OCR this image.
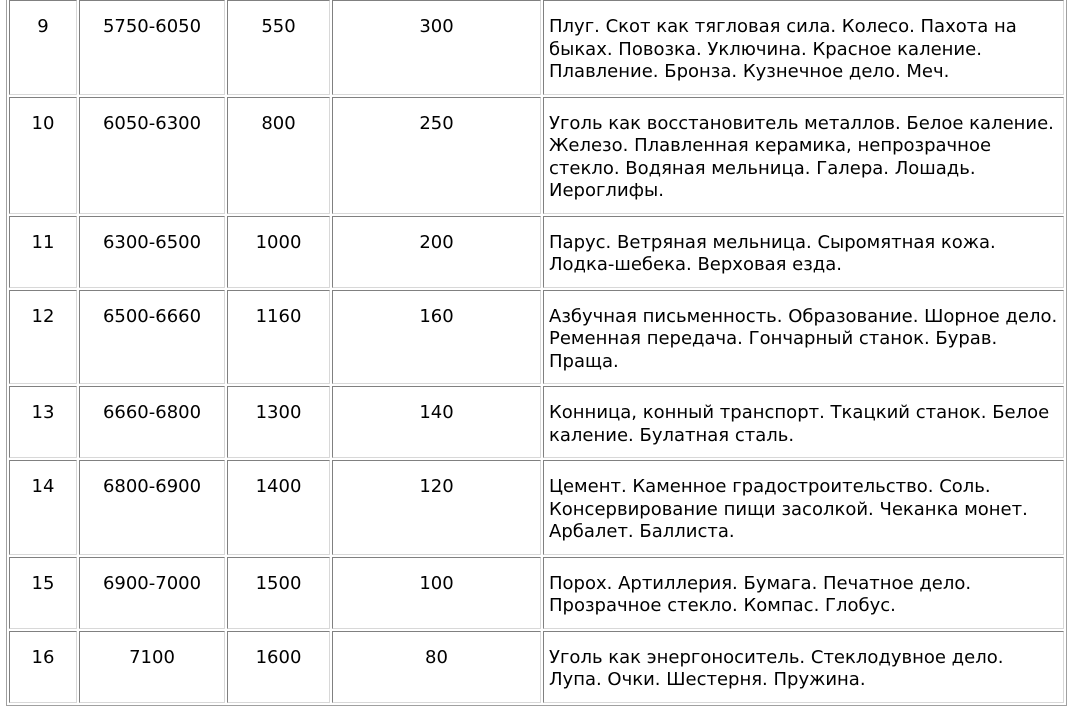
9	5750-6050	550	300	Плуг. Скот как тягловая сила. Колесо. Пахота на быках. Повозка. Уключина. Красное каление. Плавление. Бронза. Кузнечное дело. Меч.
10	6050-6300	800	250	Уголь как восстановитель металлов. Белое каление. Железо. Плавленная керамика, непрозрачное стекло. Водяная мельница. Галера. Лошадь. Иероглифы.
11	6300-6500	1000	200	Парус. Ветряная мельница. Сыромятная кожа. Лодка-шебека. Верховая езда.
12	6500-6660	1160	160	Азбучная письменность. Образование. Шорное дело. Ременная передача. Гончарный станок. Бурав. Праща.
13	6660-6800	1300	140	Конница, конный транспорт. Ткацкий станок. Белое каление. Булатная сталь.
14	6800-6900	1400	120	Цемент. Каменное градостроительство. Соль. Консервирование пищи засолкой. Чеканка монет. Арбалет. Баллиста.
15	6900-7000	1500	100	Порох. Артиллерия. Бумага. Печатное дело. Прозрачное стекло. Компас. Глобус.
16	7100	1600	80	Уголь как энергоноситель. Стеклодувное дело. Лупа. Очки. Шестерня. Пружина.
